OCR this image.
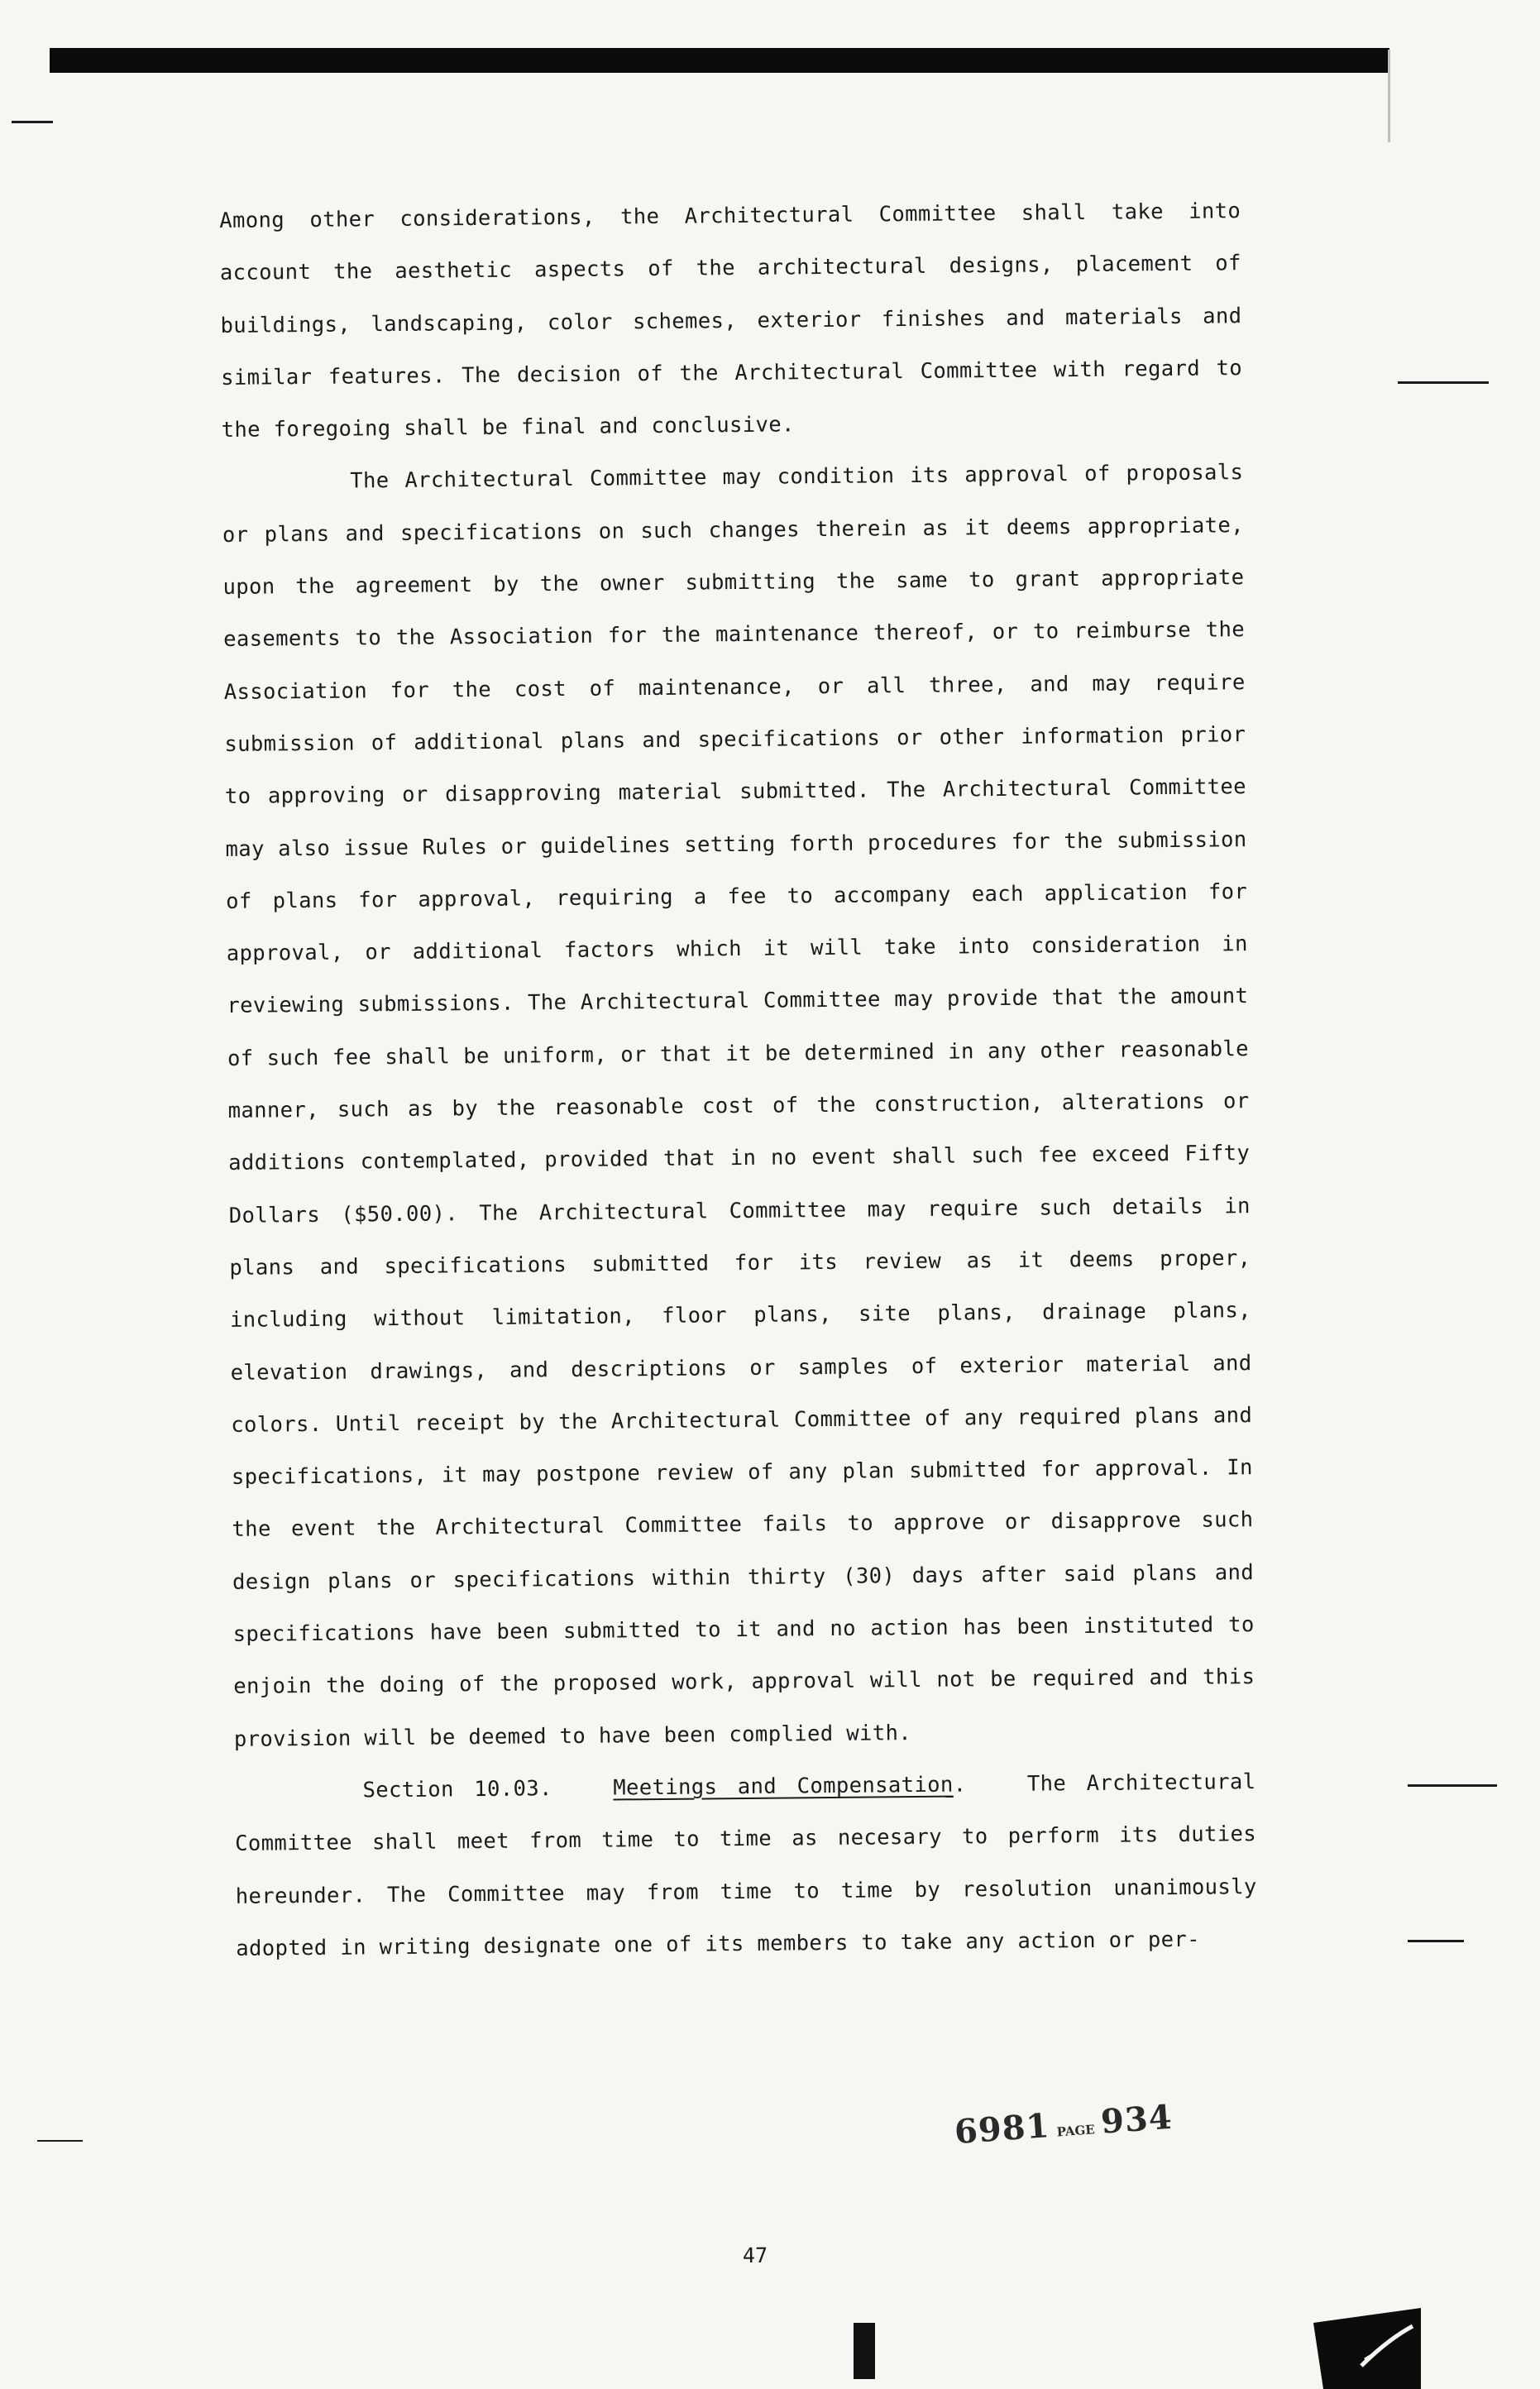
Among other considerations, the Architectural Committee shall take into account the aesthetic aspects of the architectural designs, placement of buildings, landscaping, color schemes, exterior finishes and materials and similar features. The decision of the Architectural Committee with regard to the foregoing shall be final and conclusive.

The Architectural Committee may condition its approval of proposals or plans and specifications on such changes therein as it deems appropriate, upon the agreement by the owner submitting the same to grant appropriate easements to the Association for the maintenance thereof, or to reimburse the Association for the cost of maintenance, or all three, and may require submission of additional plans and specifications or other information prior to approving or disapproving material submitted. The Architectural Committee may also issue Rules or guidelines setting forth procedures for the submission of plans for approval, requiring a fee to accompany each application for approval, or additional factors which it will take into consideration in reviewing submissions. The Architectural Committee may provide that the amount of such fee shall be uniform, or that it be determined in any other reasonable manner, such as by the reasonable cost of the construction, alterations or additions contemplated, provided that in no event shall such fee exceed Fifty Dollars ($50.00). The Architectural Committee may require such details in plans and specifications submitted for its review as it deems proper, including without limitation, floor plans, site plans, drainage plans, elevation drawings, and descriptions or samples of exterior material and colors. Until receipt by the Architectural Committee of any required plans and specifications, it may postpone review of any plan submitted for approval. In the event the Architectural Committee fails to approve or disapprove such design plans or specifications within thirty (30) days after said plans and specifications have been submitted to it and no action has been instituted to enjoin the doing of the proposed work, approval will not be required and this provision will be deemed to have been complied with.

Section 10.03.	Meetings and Compensation.	The Architectural Committee shall meet from time to time as necesary to perform its duties hereunder. The Committee may from time to time by resolution unanimously adopted in writing designate one of its members to take any action or per-

6981 PAGE 934
47
